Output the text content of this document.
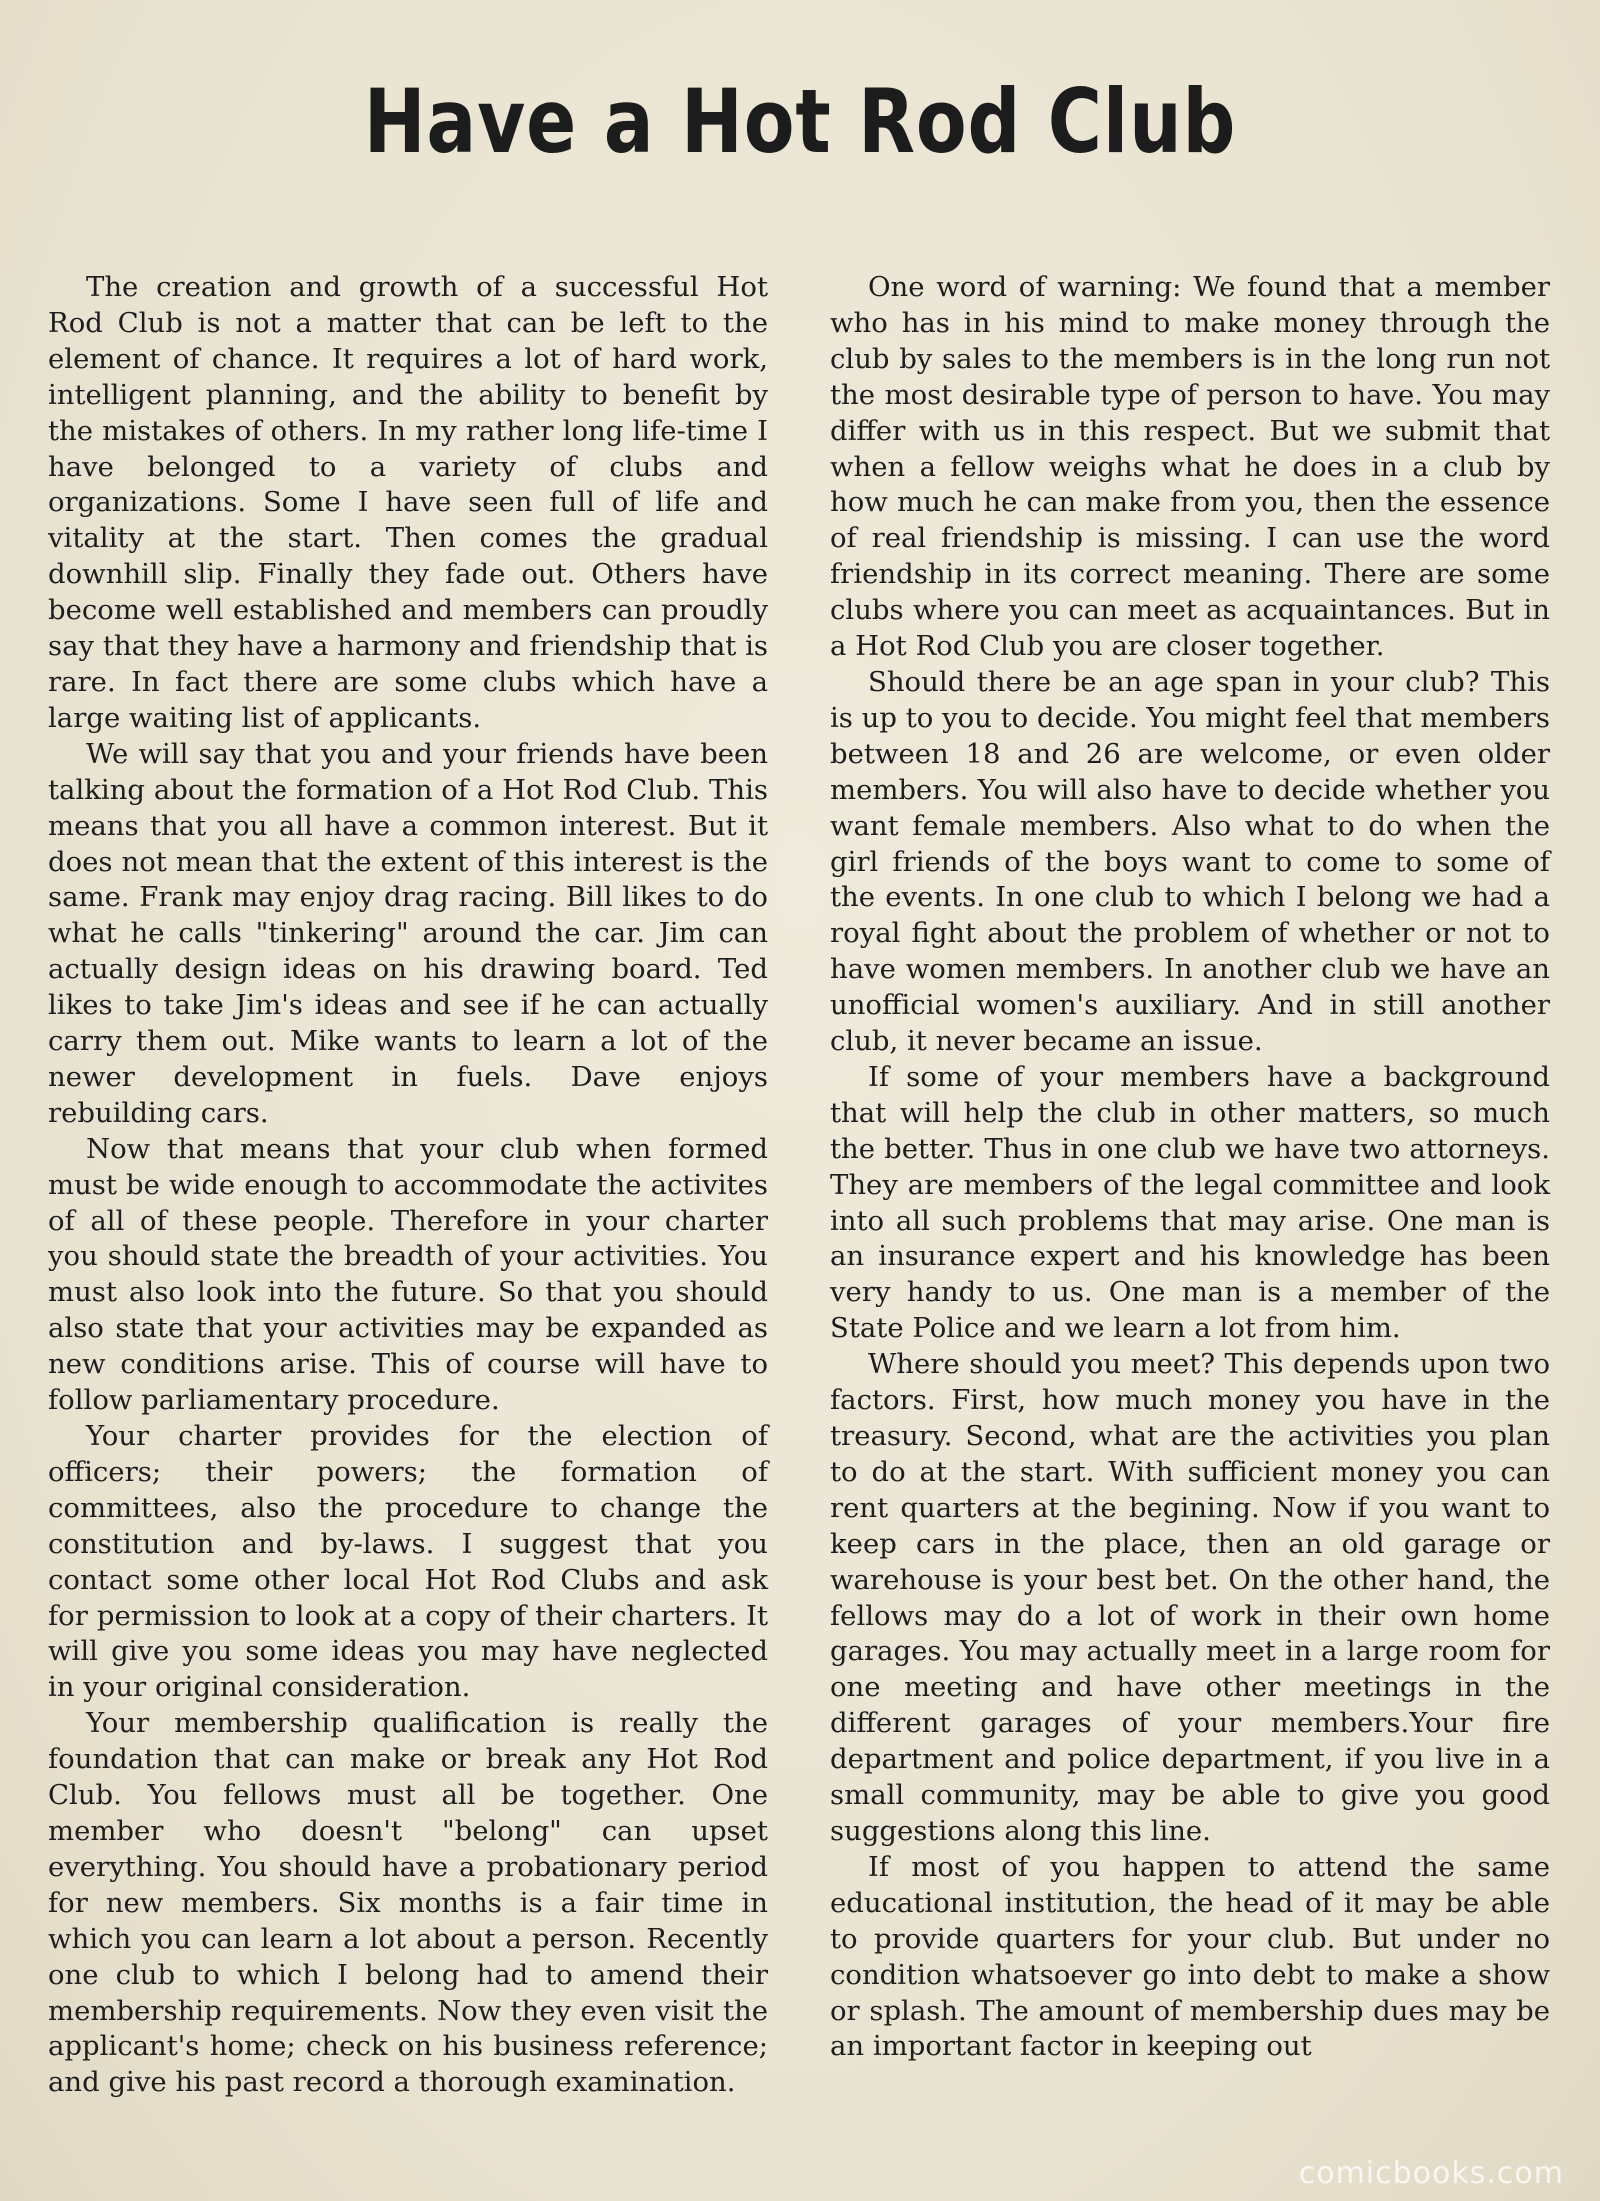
Have a Hot Rod Club

The creation and growth of a successful Hot Rod Club is not a matter that can be left to the element of chance. It requires a lot of hard work, intelligent planning, and the ability to benefit by the mistakes of others. In my rather long life-time I have belonged to a variety of clubs and organizations. Some I have seen full of life and vitality at the start. Then comes the gradual downhill slip. Finally they fade out. Others have become well established and members can proudly say that they have a harmony and friendship that is rare. In fact there are some clubs which have a large waiting list of applicants.

We will say that you and your friends have been talking about the formation of a Hot Rod Club. This means that you all have a common interest. But it does not mean that the extent of this interest is the same. Frank may enjoy drag racing. Bill likes to do what he calls "tinkering" around the car. Jim can actually design ideas on his drawing board. Ted likes to take Jim's ideas and see if he can actually carry them out. Mike wants to learn a lot of the newer development in fuels. Dave enjoys rebuilding cars.

Now that means that your club when formed must be wide enough to accommodate the activites of all of these people. Therefore in your charter you should state the breadth of your activities. You must also look into the future. So that you should also state that your activities may be expanded as new conditions arise. This of course will have to follow parliamentary procedure.

Your charter provides for the election of officers; their powers; the formation of committees, also the procedure to change the constitution and by-laws. I suggest that you contact some other local Hot Rod Clubs and ask for permission to look at a copy of their charters. It will give you some ideas you may have neglected in your original consideration.

Your membership qualification is really the foundation that can make or break any Hot Rod Club. You fellows must all be together. One member who doesn't "belong" can upset everything. You should have a probationary period for new members. Six months is a fair time in which you can learn a lot about a person. Recently one club to which I belong had to amend their membership requirements. Now they even visit the applicant's home; check on his business reference; and give his past record a thorough examination.

One word of warning: We found that a member who has in his mind to make money through the club by sales to the members is in the long run not the most desirable type of person to have. You may differ with us in this respect. But we submit that when a fellow weighs what he does in a club by how much he can make from you, then the essence of real friendship is missing. I can use the word friendship in its correct meaning. There are some clubs where you can meet as acquaintances. But in a Hot Rod Club you are closer together.

Should there be an age span in your club? This is up to you to decide. You might feel that members between 18 and 26 are welcome, or even older members. You will also have to decide whether you want female members. Also what to do when the girl friends of the boys want to come to some of the events. In one club to which I belong we had a royal fight about the problem of whether or not to have women members. In another club we have an unofficial women's auxiliary. And in still another club, it never became an issue.

If some of your members have a background that will help the club in other matters, so much the better. Thus in one club we have two attorneys. They are members of the legal committee and look into all such problems that may arise. One man is an insurance expert and his knowledge has been very handy to us. One man is a member of the State Police and we learn a lot from him.

Where should you meet? This depends upon two factors. First, how much money you have in the treasury. Second, what are the activities you plan to do at the start. With sufficient money you can rent quarters at the begining. Now if you want to keep cars in the place, then an old garage or warehouse is your best bet. On the other hand, the fellows may do a lot of work in their own home garages. You may actually meet in a large room for one meeting and have other meetings in the different garages of your members.Your fire department and police department, if you live in a small community, may be able to give you good suggestions along this line.

If most of you happen to attend the same educational institution, the head of it may be able to provide quarters for your club. But under no condition whatsoever go into debt to make a show or splash. The amount of membership dues may be an important factor in keeping out

comicbooks.com
